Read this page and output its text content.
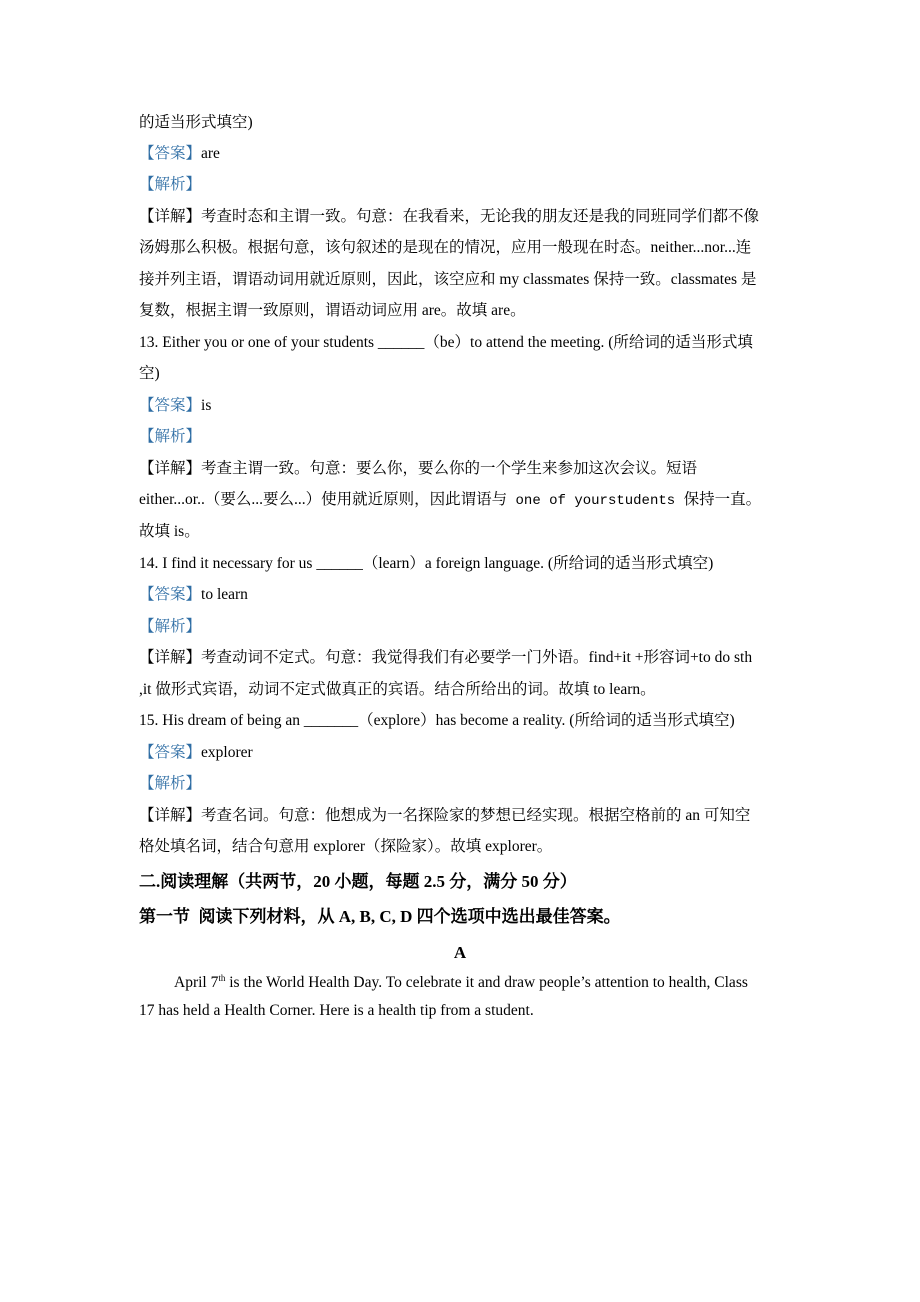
的适当形式填空)
【答案】are
【解析】
【详解】考查时态和主谓一致。句意：在我看来，无论我的朋友还是我的同班同学们都不像
汤姆那么积极。根据句意，该句叙述的是现在的情况，应用一般现在时态。neither...nor...连
接并列主语，谓语动词用就近原则，因此，该空应和 my classmates 保持一致。classmates 是
复数，根据主谓一致原则，谓语动词应用 are。故填 are。
13. Either you or one of your students ______（be）to attend the meeting. (所给词的适当形式填
空)
【答案】is
【解析】
【详解】考查主谓一致。句意：要么你，要么你的一个学生来参加这次会议。短语
either...or..（要么...要么...）使用就近原则，因此谓语与 one of yourstudents 保持一直。
故填 is。
14. I find it necessary for us ______（learn）a foreign language. (所给词的适当形式填空)
【答案】to learn
【解析】
【详解】考查动词不定式。句意：我觉得我们有必要学一门外语。find+it +形容词+to do sth
,it 做形式宾语，动词不定式做真正的宾语。结合所给出的词。故填 to learn。
15. His dream of being an _______（explore）has become a reality. (所给词的适当形式填空)
【答案】explorer
【解析】
【详解】考查名词。句意：他想成为一名探险家的梦想已经实现。根据空格前的 an 可知空
格处填名词，结合句意用 explorer（探险家）。故填 explorer。
二.阅读理解（共两节，20 小题，每题 2.5 分，满分 50 分）
第一节  阅读下列材料，从 A, B, C, D 四个选项中选出最佳答案。
A
April 7th is the World Health Day. To celebrate it and draw people’s attention to health, Class
17 has held a Health Corner. Here is a health tip from a student.
